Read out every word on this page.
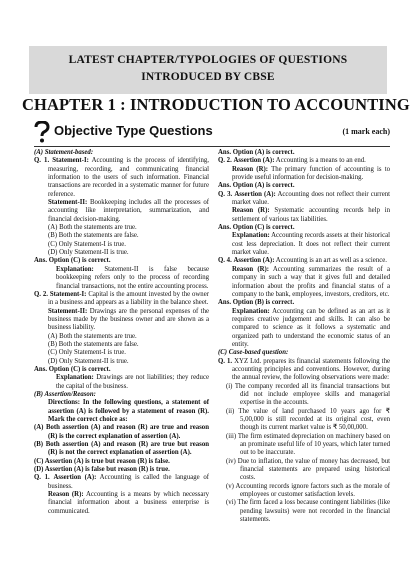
LATEST CHAPTER/TYPOLOGIES OF QUESTIONS
INTRODUCED BY CBSE
CHAPTER 1 : INTRODUCTION TO ACCOUNTING
Objective Type Questions	(1 mark each)

(A) Statement-based:

Q. 1. Statement-I: Accounting is the process of identifying, measuring, recording, and communicating financial information to the users of such information. Financial transactions are recorded in a systematic manner for future reference.

Statement-II: Bookkeeping includes all the processes of accounting like interpretation, summarization, and financial decision-making.

(A) Both the statements are true.

(B) Both the statements are false.

(C) Only Statement-I is true.

(D) Only Statement-II is true.

Ans. Option (C) is correct.

Explanation: Statement-II is false because bookkeeping refers only to the process of recording financial transactions, not the entire accounting process.

Q. 2. Statement-I: Capital is the amount invested by the owner in a business and appears as a liability in the balance sheet.

Statement-II: Drawings are the personal expenses of the business made by the business owner and are shown as a business liability.

(A) Both the statements are true.

(B) Both the statements are false.

(C) Only Statement-I is true.

(D) Only Statement-II is true.

Ans. Option (C) is correct.

Explanation: Drawings are not liabilities; they reduce the capital of the business.

(B) Assertion/Reason:

Directions: In the following questions, a statement of assertion (A) is followed by a statement of reason (R). Mark the correct choice as:

(A) Both assertion (A) and reason (R) are true and reason (R) is the correct explanation of assertion (A).

(B) Both assertion (A) and reason (R) are true but reason (R) is not the correct explanation of assertion (A).

(C) Assertion (A) is true but reason (R) is false.

(D) Assertion (A) is false but reason (R) is true.

Q. 1. Assertion (A): Accounting is called the language of business.

Reason (R): Accounting is a means by which necessary financial information about a business enterprise is communicated.

Ans. Option (A) is correct.

Q. 2. Assertion (A): Accounting is a means to an end.

Reason (R): The primary function of accounting is to provide useful information for decision-making.

Ans. Option (A) is correct.

Q. 3. Assertion (A): Accounting does not reflect their current market value.

Reason (R): Systematic accounting records help in settlement of various tax liabilities.

Ans. Option (C) is correct.

Explanation: Accounting records assets at their historical cost less depreciation. It does not reflect their current market value.

Q. 4. Assertion (A): Accounting is an art as well as a science.

Reason (R): Accounting summarizes the result of a company in such a way that it gives full and detailed information about the profits and financial status of a company to the bank, employees, investors, creditors, etc.

Ans. Option (B) is correct.

Explanation: Accounting can be defined as an art as it requires creative judgement and skills. It can also be compared to science as it follows a systematic and organized path to understand the economic status of an entity.

(C) Case-based question:

Q. 1. XYZ Ltd. prepares its financial statements following the accounting principles and conventions. However, during the annual review, the following observations were made:

(i) The company recorded all its financial transactions but did not include employee skills and managerial expertise in the accounts.

(ii) The value of land purchased 10 years ago for ₹ 5,00,000 is still recorded at its original cost, even though its current market value is ₹ 50,00,000.

(iii) The firm estimated depreciation on machinery based on an prominate useful life of 10 years, which later turned out to be inaccurate.

(iv) Due to inflation, the value of money has decreased, but financial statements are prepared using historical costs.

(v) Accounting records ignore factors such as the morale of employees or customer satisfaction levels.

(vi) The firm faced a loss because contingent liabilities (like pending lawsuits) were not recorded in the financial statements.
